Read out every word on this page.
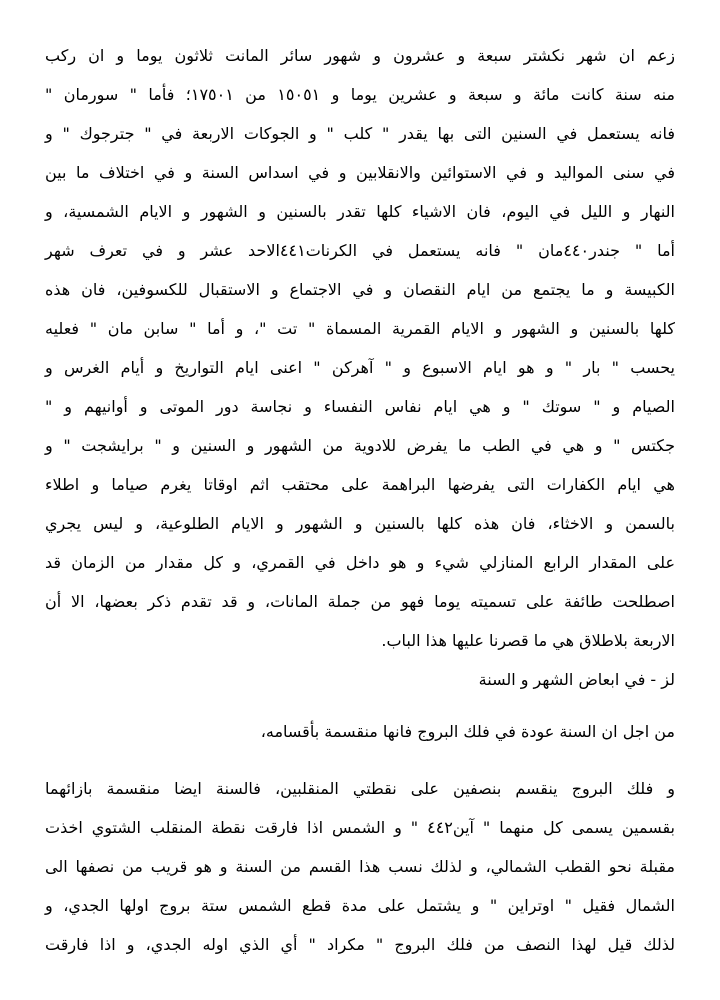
زعم ان شهر نكشتر سبعة و عشرون و شهور سائر المانت ثلاثون يوما و ان ركب
منه سنة كانت مائة و سبعة و عشرين يوما و ١٥٠٥١ من ١٧٥٠١؛ فأما " سورمان "
فانه يستعمل في السنين التى بها يقدر " كلب " و الجوكات الاربعة في " جترجوك " و
في سنى المواليد و في الاستوائين والانقلابين و في اسداس السنة و في اختلاف ما بين
النهار و الليل في اليوم، فان الاشياء كلها تقدر بالسنين و الشهور و الايام الشمسية، و
أما " جندر٤٤٠مان " فانه يستعمل في الكرنات٤٤١الاحد عشر و في تعرف شهر
الكبيسة و ما يجتمع من ايام النقصان و في الاجتماع و الاستقبال للكسوفين، فان هذه
كلها بالسنين و الشهور و الايام القمرية المسماة " تت "، و أما " سابن مان " فعليه
يحسب " بار " و هو ايام الاسبوع و " آهركن " اعنى ايام التواريخ و أيام الغرس و
الصيام و " سوتك " و هي ايام نفاس النفساء و نجاسة دور الموتى و أوانيهم و "
جكتس " و هي في الطب ما يفرض للادوية من الشهور و السنين و " برايشجت " و
هي ايام الكفارات التى يفرضها البراهمة على محتقب اثم اوقاتا يغرم صياما و اطلاء
بالسمن و الاخثاء، فان هذه كلها بالسنين و الشهور و الايام الطلوعية، و ليس يجري
على المقدار الرابع المنازلي شيء و هو داخل في القمري، و كل مقدار من الزمان قد
اصطلحت طائفة على تسميته يوما فهو من جملة المانات، و قد تقدم ذكر بعضها، الا أن
الاربعة بلاطلاق هي ما قصرنا عليها هذا الباب.
لز - في ابعاض الشهر و السنة
من اجل ان السنة عودة في فلك البروج فانها منقسمة بأقسامه،
و فلك البروج ينقسم بنصفين على نقطتي المنقلبين، فالسنة ايضا منقسمة بازائهما
بقسمين يسمى كل منهما " آين٤٤٢ " و الشمس اذا فارقت نقطة المنقلب الشتوي اخذت
مقبلة نحو القطب الشمالي، و لذلك نسب هذا القسم من السنة و هو قريب من نصفها الى
الشمال فقيل " اوتراين " و يشتمل على مدة قطع الشمس ستة بروج اولها الجدي، و
لذلك قيل لهذا النصف من فلك البروج " مكراد " أي الذي اوله الجدي، و اذا فارقت
